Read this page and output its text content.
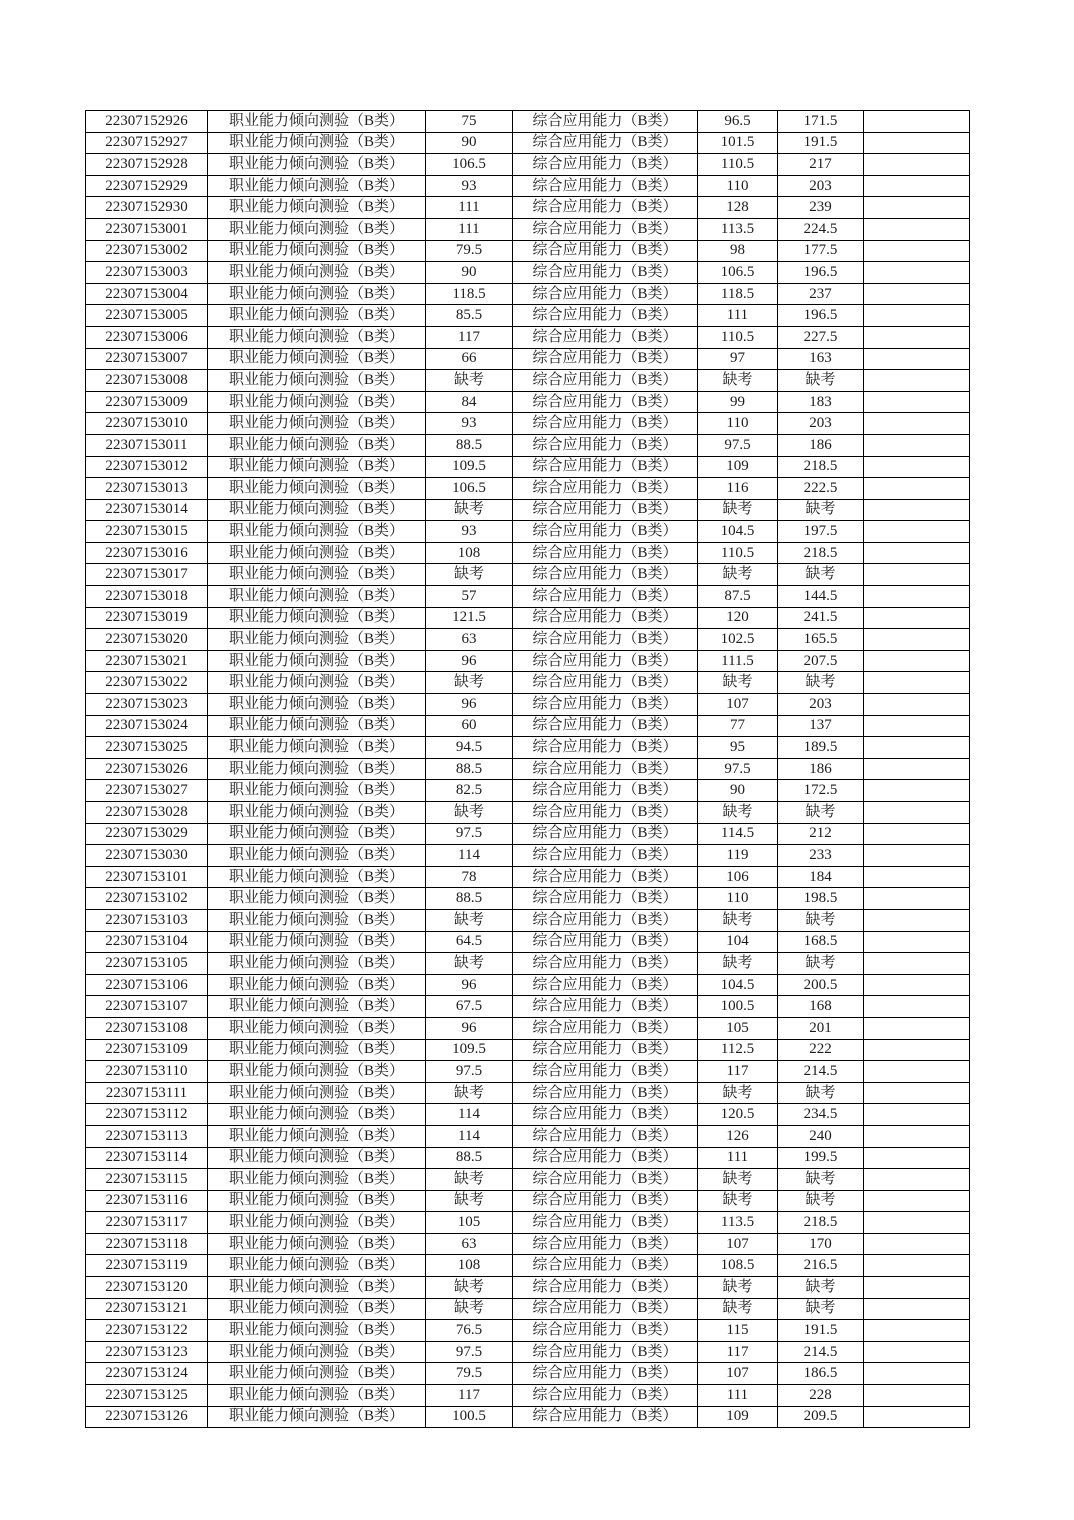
22307152926	职业能力倾向测验（B类）	75	综合应用能力（B类）	96.5	171.5	
22307152927	职业能力倾向测验（B类）	90	综合应用能力（B类）	101.5	191.5	
22307152928	职业能力倾向测验（B类）	106.5	综合应用能力（B类）	110.5	217	
22307152929	职业能力倾向测验（B类）	93	综合应用能力（B类）	110	203	
22307152930	职业能力倾向测验（B类）	111	综合应用能力（B类）	128	239	
22307153001	职业能力倾向测验（B类）	111	综合应用能力（B类）	113.5	224.5	
22307153002	职业能力倾向测验（B类）	79.5	综合应用能力（B类）	98	177.5	
22307153003	职业能力倾向测验（B类）	90	综合应用能力（B类）	106.5	196.5	
22307153004	职业能力倾向测验（B类）	118.5	综合应用能力（B类）	118.5	237	
22307153005	职业能力倾向测验（B类）	85.5	综合应用能力（B类）	111	196.5	
22307153006	职业能力倾向测验（B类）	117	综合应用能力（B类）	110.5	227.5	
22307153007	职业能力倾向测验（B类）	66	综合应用能力（B类）	97	163	
22307153008	职业能力倾向测验（B类）	缺考	综合应用能力（B类）	缺考	缺考	
22307153009	职业能力倾向测验（B类）	84	综合应用能力（B类）	99	183	
22307153010	职业能力倾向测验（B类）	93	综合应用能力（B类）	110	203	
22307153011	职业能力倾向测验（B类）	88.5	综合应用能力（B类）	97.5	186	
22307153012	职业能力倾向测验（B类）	109.5	综合应用能力（B类）	109	218.5	
22307153013	职业能力倾向测验（B类）	106.5	综合应用能力（B类）	116	222.5	
22307153014	职业能力倾向测验（B类）	缺考	综合应用能力（B类）	缺考	缺考	
22307153015	职业能力倾向测验（B类）	93	综合应用能力（B类）	104.5	197.5	
22307153016	职业能力倾向测验（B类）	108	综合应用能力（B类）	110.5	218.5	
22307153017	职业能力倾向测验（B类）	缺考	综合应用能力（B类）	缺考	缺考	
22307153018	职业能力倾向测验（B类）	57	综合应用能力（B类）	87.5	144.5	
22307153019	职业能力倾向测验（B类）	121.5	综合应用能力（B类）	120	241.5	
22307153020	职业能力倾向测验（B类）	63	综合应用能力（B类）	102.5	165.5	
22307153021	职业能力倾向测验（B类）	96	综合应用能力（B类）	111.5	207.5	
22307153022	职业能力倾向测验（B类）	缺考	综合应用能力（B类）	缺考	缺考	
22307153023	职业能力倾向测验（B类）	96	综合应用能力（B类）	107	203	
22307153024	职业能力倾向测验（B类）	60	综合应用能力（B类）	77	137	
22307153025	职业能力倾向测验（B类）	94.5	综合应用能力（B类）	95	189.5	
22307153026	职业能力倾向测验（B类）	88.5	综合应用能力（B类）	97.5	186	
22307153027	职业能力倾向测验（B类）	82.5	综合应用能力（B类）	90	172.5	
22307153028	职业能力倾向测验（B类）	缺考	综合应用能力（B类）	缺考	缺考	
22307153029	职业能力倾向测验（B类）	97.5	综合应用能力（B类）	114.5	212	
22307153030	职业能力倾向测验（B类）	114	综合应用能力（B类）	119	233	
22307153101	职业能力倾向测验（B类）	78	综合应用能力（B类）	106	184	
22307153102	职业能力倾向测验（B类）	88.5	综合应用能力（B类）	110	198.5	
22307153103	职业能力倾向测验（B类）	缺考	综合应用能力（B类）	缺考	缺考	
22307153104	职业能力倾向测验（B类）	64.5	综合应用能力（B类）	104	168.5	
22307153105	职业能力倾向测验（B类）	缺考	综合应用能力（B类）	缺考	缺考	
22307153106	职业能力倾向测验（B类）	96	综合应用能力（B类）	104.5	200.5	
22307153107	职业能力倾向测验（B类）	67.5	综合应用能力（B类）	100.5	168	
22307153108	职业能力倾向测验（B类）	96	综合应用能力（B类）	105	201	
22307153109	职业能力倾向测验（B类）	109.5	综合应用能力（B类）	112.5	222	
22307153110	职业能力倾向测验（B类）	97.5	综合应用能力（B类）	117	214.5	
22307153111	职业能力倾向测验（B类）	缺考	综合应用能力（B类）	缺考	缺考	
22307153112	职业能力倾向测验（B类）	114	综合应用能力（B类）	120.5	234.5	
22307153113	职业能力倾向测验（B类）	114	综合应用能力（B类）	126	240	
22307153114	职业能力倾向测验（B类）	88.5	综合应用能力（B类）	111	199.5	
22307153115	职业能力倾向测验（B类）	缺考	综合应用能力（B类）	缺考	缺考	
22307153116	职业能力倾向测验（B类）	缺考	综合应用能力（B类）	缺考	缺考	
22307153117	职业能力倾向测验（B类）	105	综合应用能力（B类）	113.5	218.5	
22307153118	职业能力倾向测验（B类）	63	综合应用能力（B类）	107	170	
22307153119	职业能力倾向测验（B类）	108	综合应用能力（B类）	108.5	216.5	
22307153120	职业能力倾向测验（B类）	缺考	综合应用能力（B类）	缺考	缺考	
22307153121	职业能力倾向测验（B类）	缺考	综合应用能力（B类）	缺考	缺考	
22307153122	职业能力倾向测验（B类）	76.5	综合应用能力（B类）	115	191.5	
22307153123	职业能力倾向测验（B类）	97.5	综合应用能力（B类）	117	214.5	
22307153124	职业能力倾向测验（B类）	79.5	综合应用能力（B类）	107	186.5	
22307153125	职业能力倾向测验（B类）	117	综合应用能力（B类）	111	228	
22307153126	职业能力倾向测验（B类）	100.5	综合应用能力（B类）	109	209.5	
